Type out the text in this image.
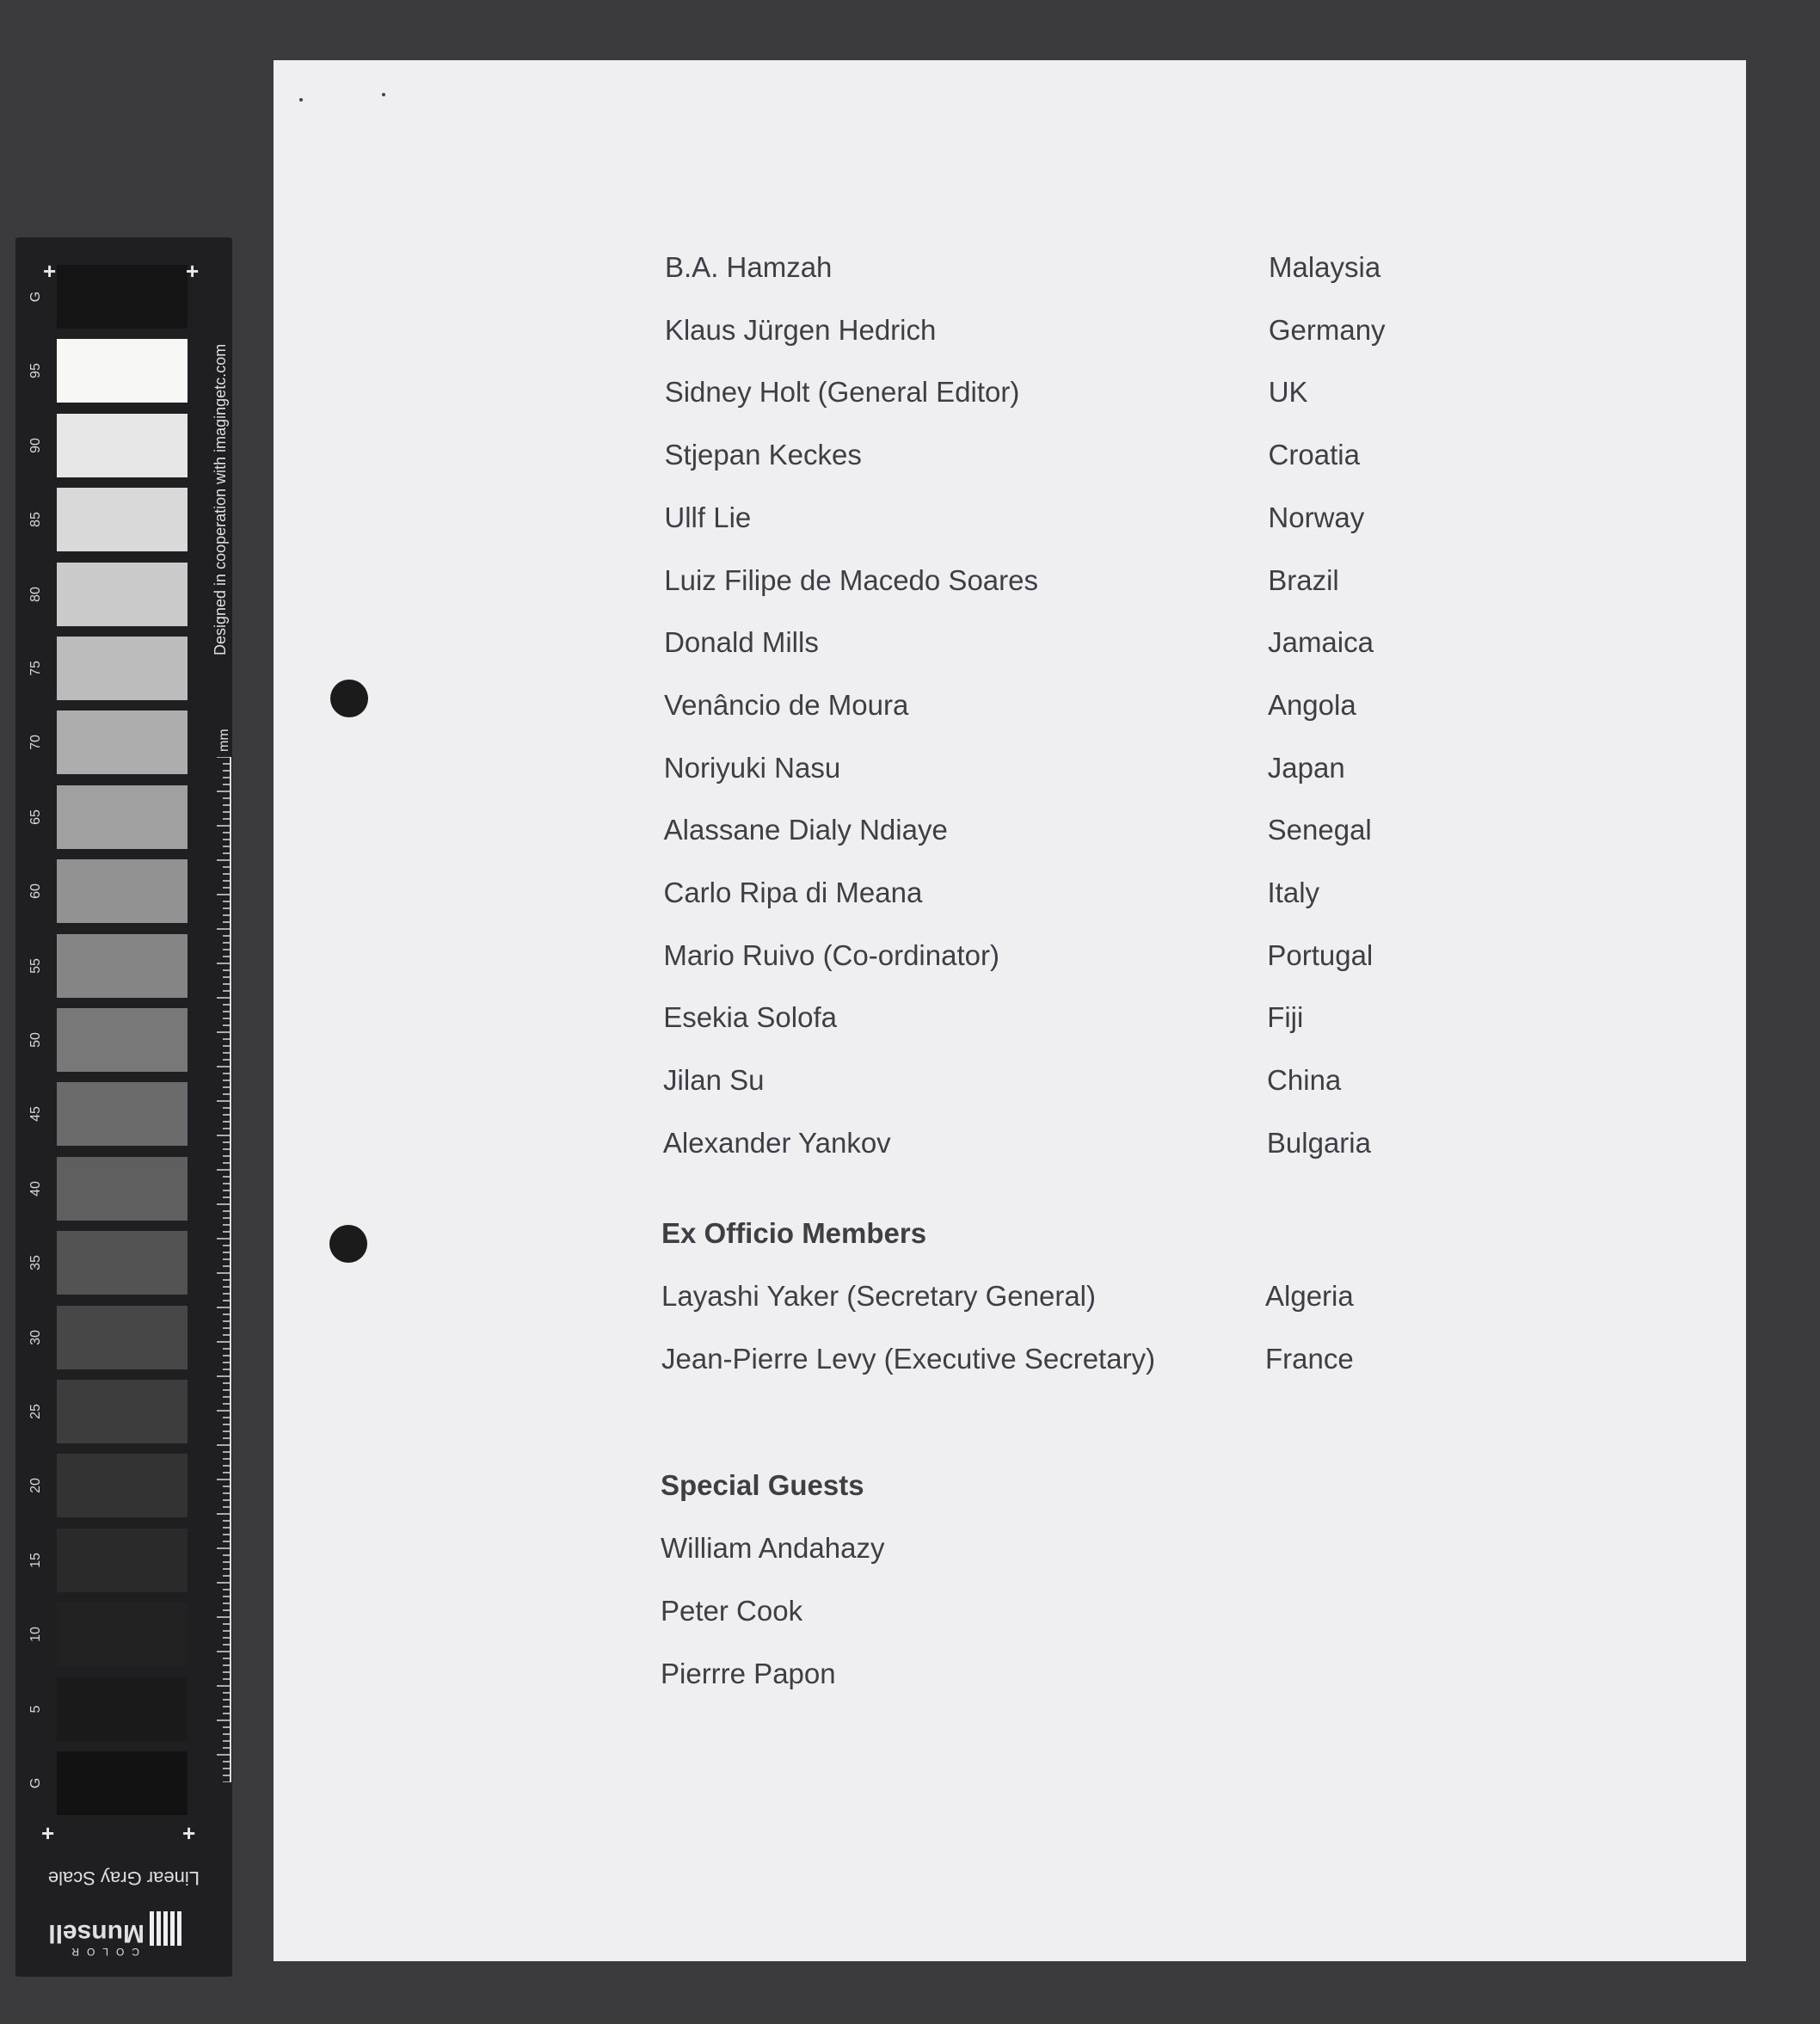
G
95
90
85
80
75
70
65
60
55
50
45
40
35
30
25
20
15
10
5
G
+	+
+	+
Designed in cooperation with imagingetc.com
mm
Linear Gray Scale
Munsell
COLOR
B.A. Hamzah	Malaysia
Klaus Jürgen Hedrich	Germany
Sidney Holt (General Editor)	UK
Stjepan Keckes	Croatia
Ullf Lie	Norway
Luiz Filipe de Macedo Soares	Brazil
Donald Mills	Jamaica
Venâncio de Moura	Angola
Noriyuki Nasu	Japan
Alassane Dialy Ndiaye	Senegal
Carlo Ripa di Meana	Italy
Mario Ruivo (Co-ordinator)	Portugal
Esekia Solofa	Fiji
Jilan Su	China
Alexander Yankov	Bulgaria
Ex Officio Members
Layashi Yaker (Secretary General)	Algeria
Jean-Pierre Levy (Executive Secretary)	France
Special Guests
William Andahazy
Peter Cook
Pierrre Papon
